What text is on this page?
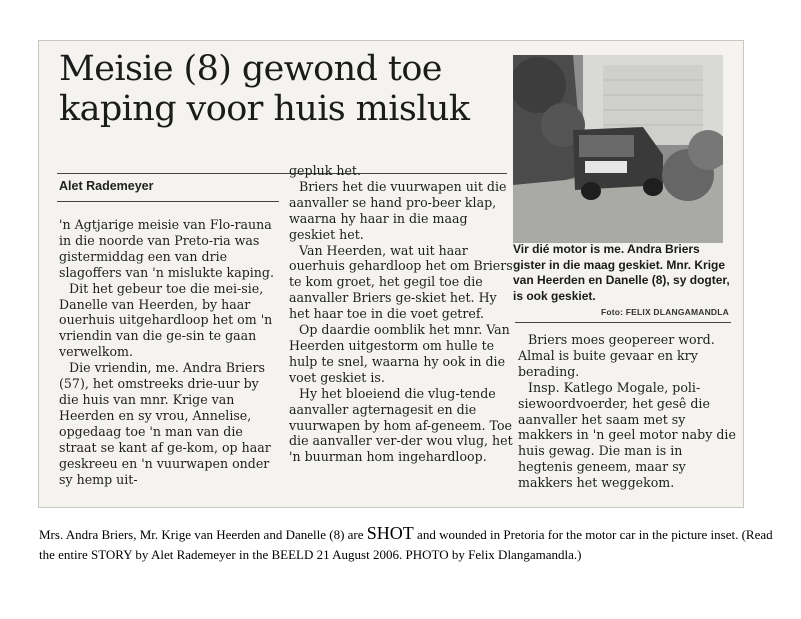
Meisie (8) gewond toe
kaping voor huis misluk
Alet Rademeyer

'n Agtjarige meisie van Flo-rauna in die noorde van Preto-ria was gistermiddag een van drie slagoffers van 'n mislukte kaping.

Dit het gebeur toe die mei-sie, Danelle van Heerden, by haar ouerhuis uitgehardloop het om 'n vriendin van die ge-sin te gaan verwelkom.

Die vriendin, me. Andra Briers (57), het omstreeks drie-uur by die huis van mnr. Krige van Heerden en sy vrou, Annelise, opgedaag toe 'n man van die straat se kant af ge-kom, op haar geskreeu en 'n vuurwapen onder sy hemp uit-

gepluk het.

Briers het die vuurwapen uit die aanvaller se hand pro-beer klap, waarna hy haar in die maag geskiet het.

Van Heerden, wat uit haar ouerhuis gehardloop het om Briers te kom groet, het gegil toe die aanvaller Briers ge-skiet het. Hy het haar toe in die voet getref.

Op daardie oomblik het mnr. Van Heerden uitgestorm om hulle te hulp te snel, waarna hy ook in die voet geskiet is.

Hy het bloeiend die vlug-tende aanvaller agternagesit en die vuurwapen by hom af-geneem. Toe die aanvaller ver-der wou vlug, het 'n buurman hom ingehardloop.

Vir dié motor is me. Andra Briers gister in die maag geskiet. Mnr. Krige van Heerden en Danelle (8), sy dogter, is ook geskiet.
Foto: FELIX DLANGAMANDLA

Briers moes geopereer word. Almal is buite gevaar en kry berading.

Insp. Katlego Mogale, poli-siewoordvoerder, het gesê die aanvaller het saam met sy makkers in 'n geel motor naby die huis gewag. Die man is in hegtenis geneem, maar sy makkers het weggekom.

Mrs. Andra Briers, Mr. Krige van Heerden and Danelle (8) are SHOT and wounded in Pretoria for the motor car in the picture inset. (Read the entire STORY by Alet Rademeyer in the BEELD 21 August 2006. PHOTO by Felix Dlangamandla.)
